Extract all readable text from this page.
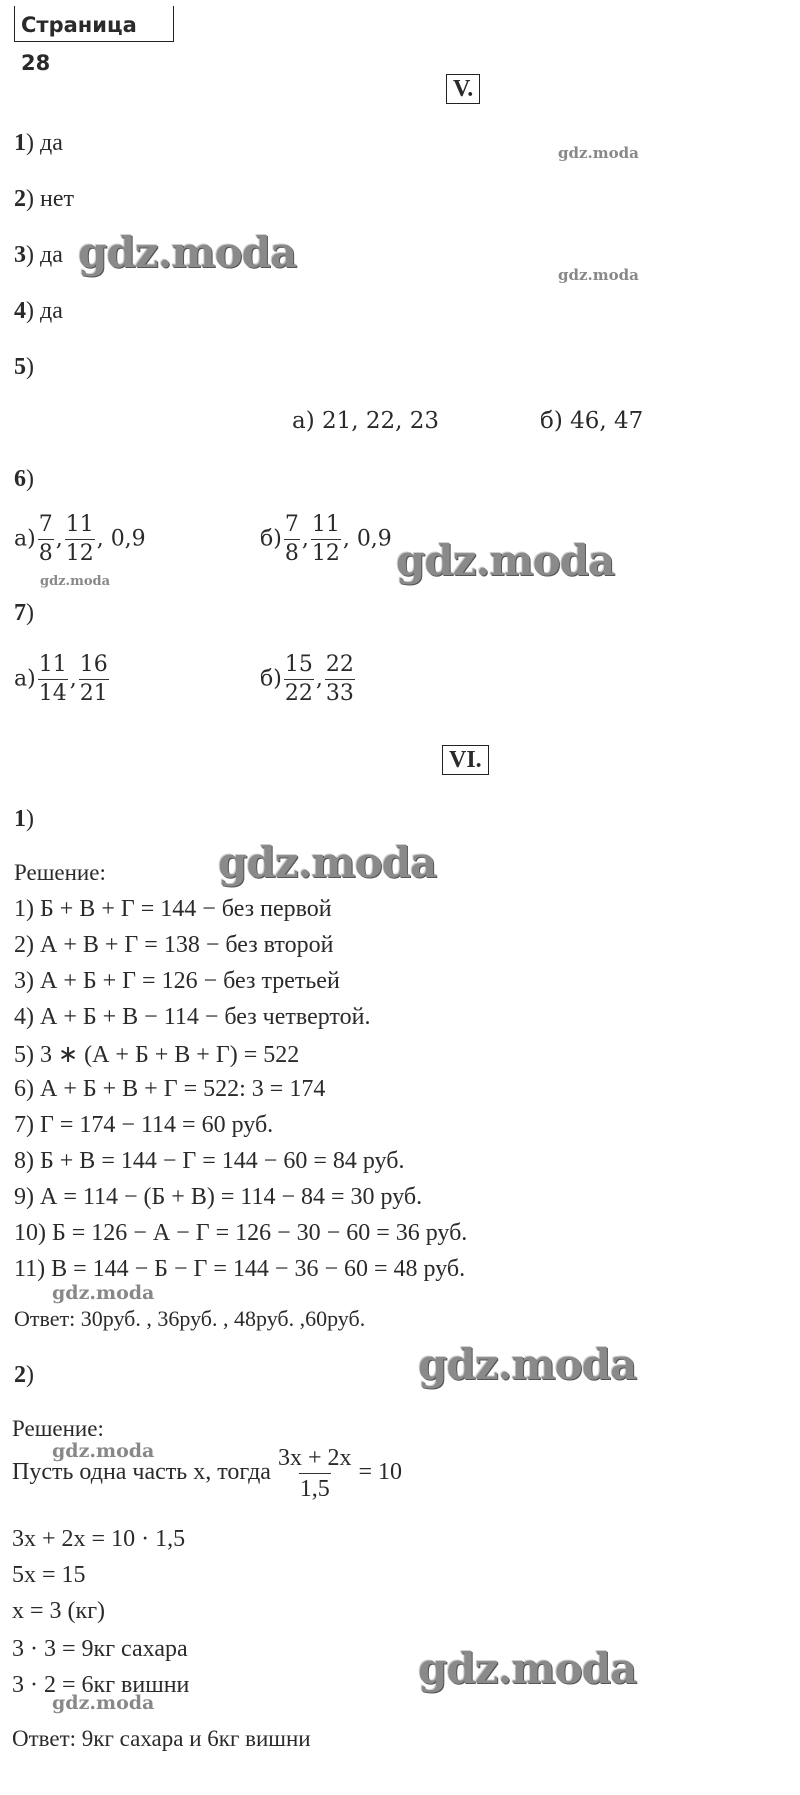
Страница 28
V.
1) да
2) нет
3) да
4) да
5)
а) 21, 22, 23	б) 46, 47
6)
$а) \frac{7}{8}$ , $\frac{11}{12}$ , 0,9	$б) \frac{7}{8}$ , $\frac{11}{12}$ , 0,9
7)
$а) \frac{11}{14}$ , $\frac{16}{21}$	$б) \frac{15}{22}$ , $\frac{22}{33}$
VI.
1)
Решение:
1) Б + В + Г = 144 − без первой
2) А + В + Г = 138 − без второй
3) А + Б + Г = 126 − без третьей
4) А + Б + В − 114 − без четвертой.
5) 3 ∗ (А + Б + В + Г) = 522
6) А + Б + В + Г = 522: 3 = 174
7) Г = 174 − 114 = 60 руб.
8) Б + В = 144 − Г = 144 − 60 = 84 руб.
9) А = 114 − (Б + В) = 114 − 84 = 30 руб.
10) Б = 126 − А − Г = 126 − 30 − 60 = 36 руб.
11) В = 144 − Б − Г = 144 − 36 − 60 = 48 руб.
Ответ: 30руб. , 36руб. , 48руб. ,60руб.
2)
Решение:
Пусть одна часть х, тогда $\frac{3х + 2х}{1,5} = 10$
3х + 2х = 10 · 1,5
5х = 15
х = 3 (кг)
3 · 3 = 9кг сахара
3 · 2 = 6кг вишни
Ответ: 9кг сахара и 6кг вишни
gdz.moda
gdz.moda	gdz.moda
gdz.moda	gdz.moda
gdz.moda
gdz.moda
gdz.moda
gdz.moda
gdz.moda
gdz.moda
